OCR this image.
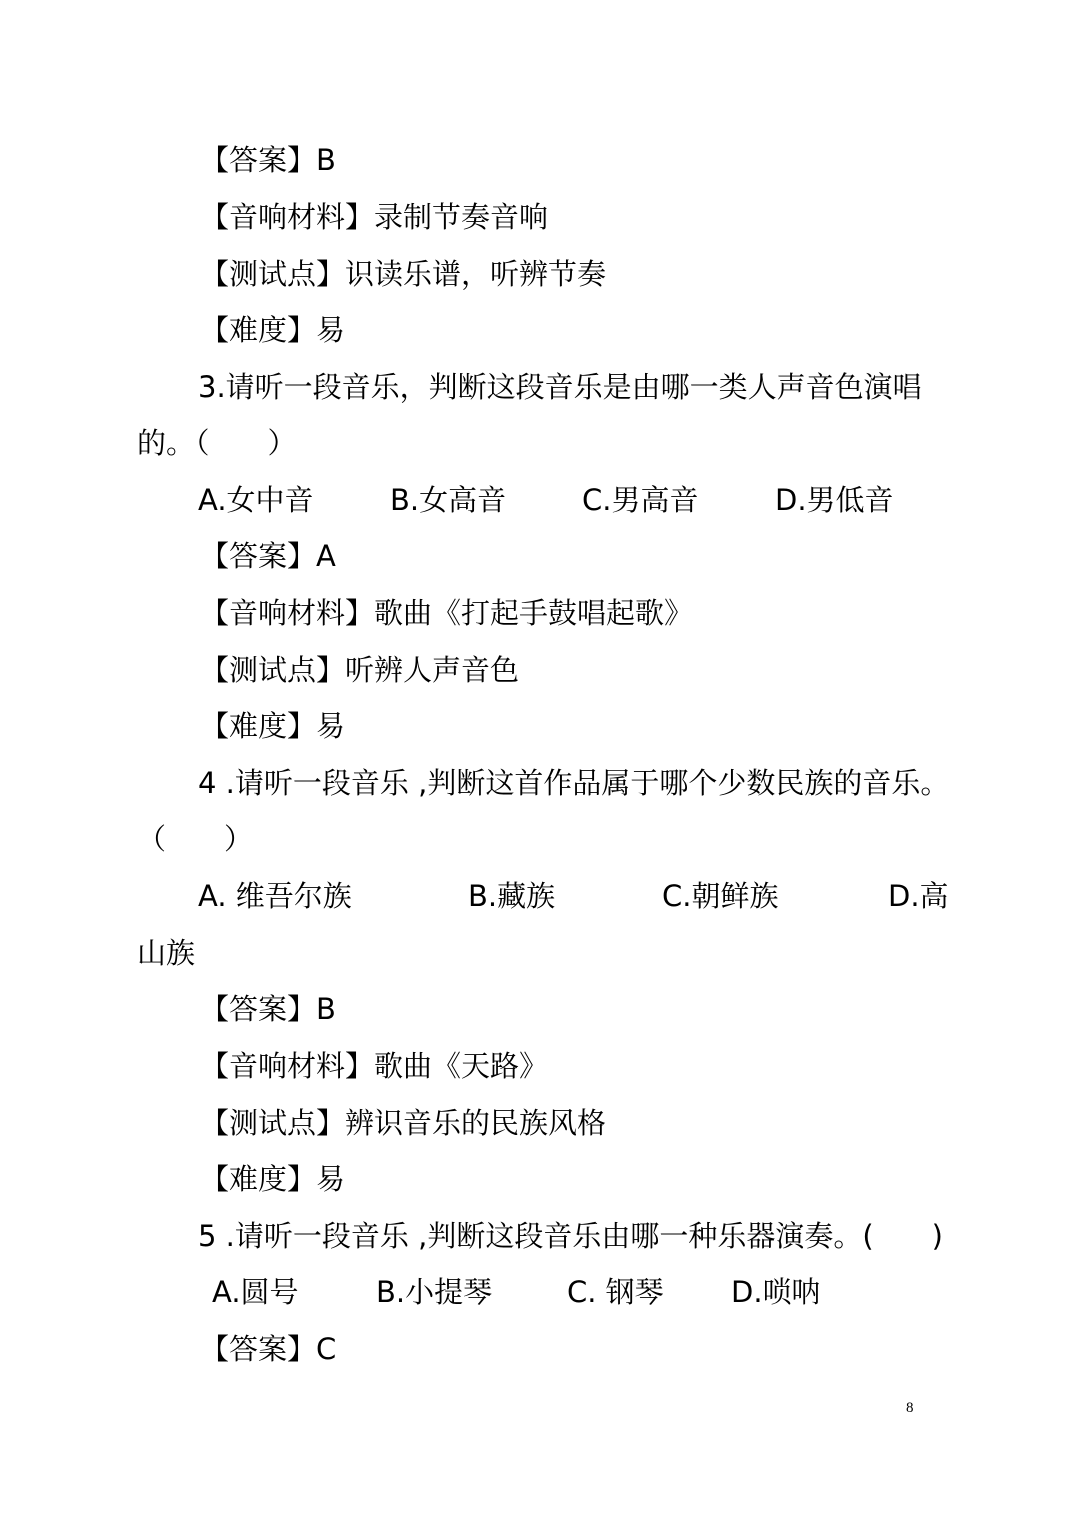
【答案】B
【音响材料】录制节奏音响
【测试点】识读乐谱，听辨节奏
【难度】易
3.请听一段音乐，判断这段音乐是由哪一类人声音色演唱
的。（　　）
A.女中音	B.女高音	C.男高音	D.男低音
【答案】A
【音响材料】歌曲《打起手鼓唱起歌》
【测试点】听辨人声音色
【难度】易
4 .请听一段音乐 ,判断这首作品属于哪个少数民族的音乐。
（　　）
A. 维吾尔族	B.藏族	C.朝鲜族	D.高
山族
【答案】B
【音响材料】歌曲《天路》
【测试点】辨识音乐的民族风格
【难度】易
5 .请听一段音乐 ,判断这段音乐由哪一种乐器演奏。(　　)
A.圆号	B.小提琴	C. 钢琴 D.唢呐
【答案】C
8
